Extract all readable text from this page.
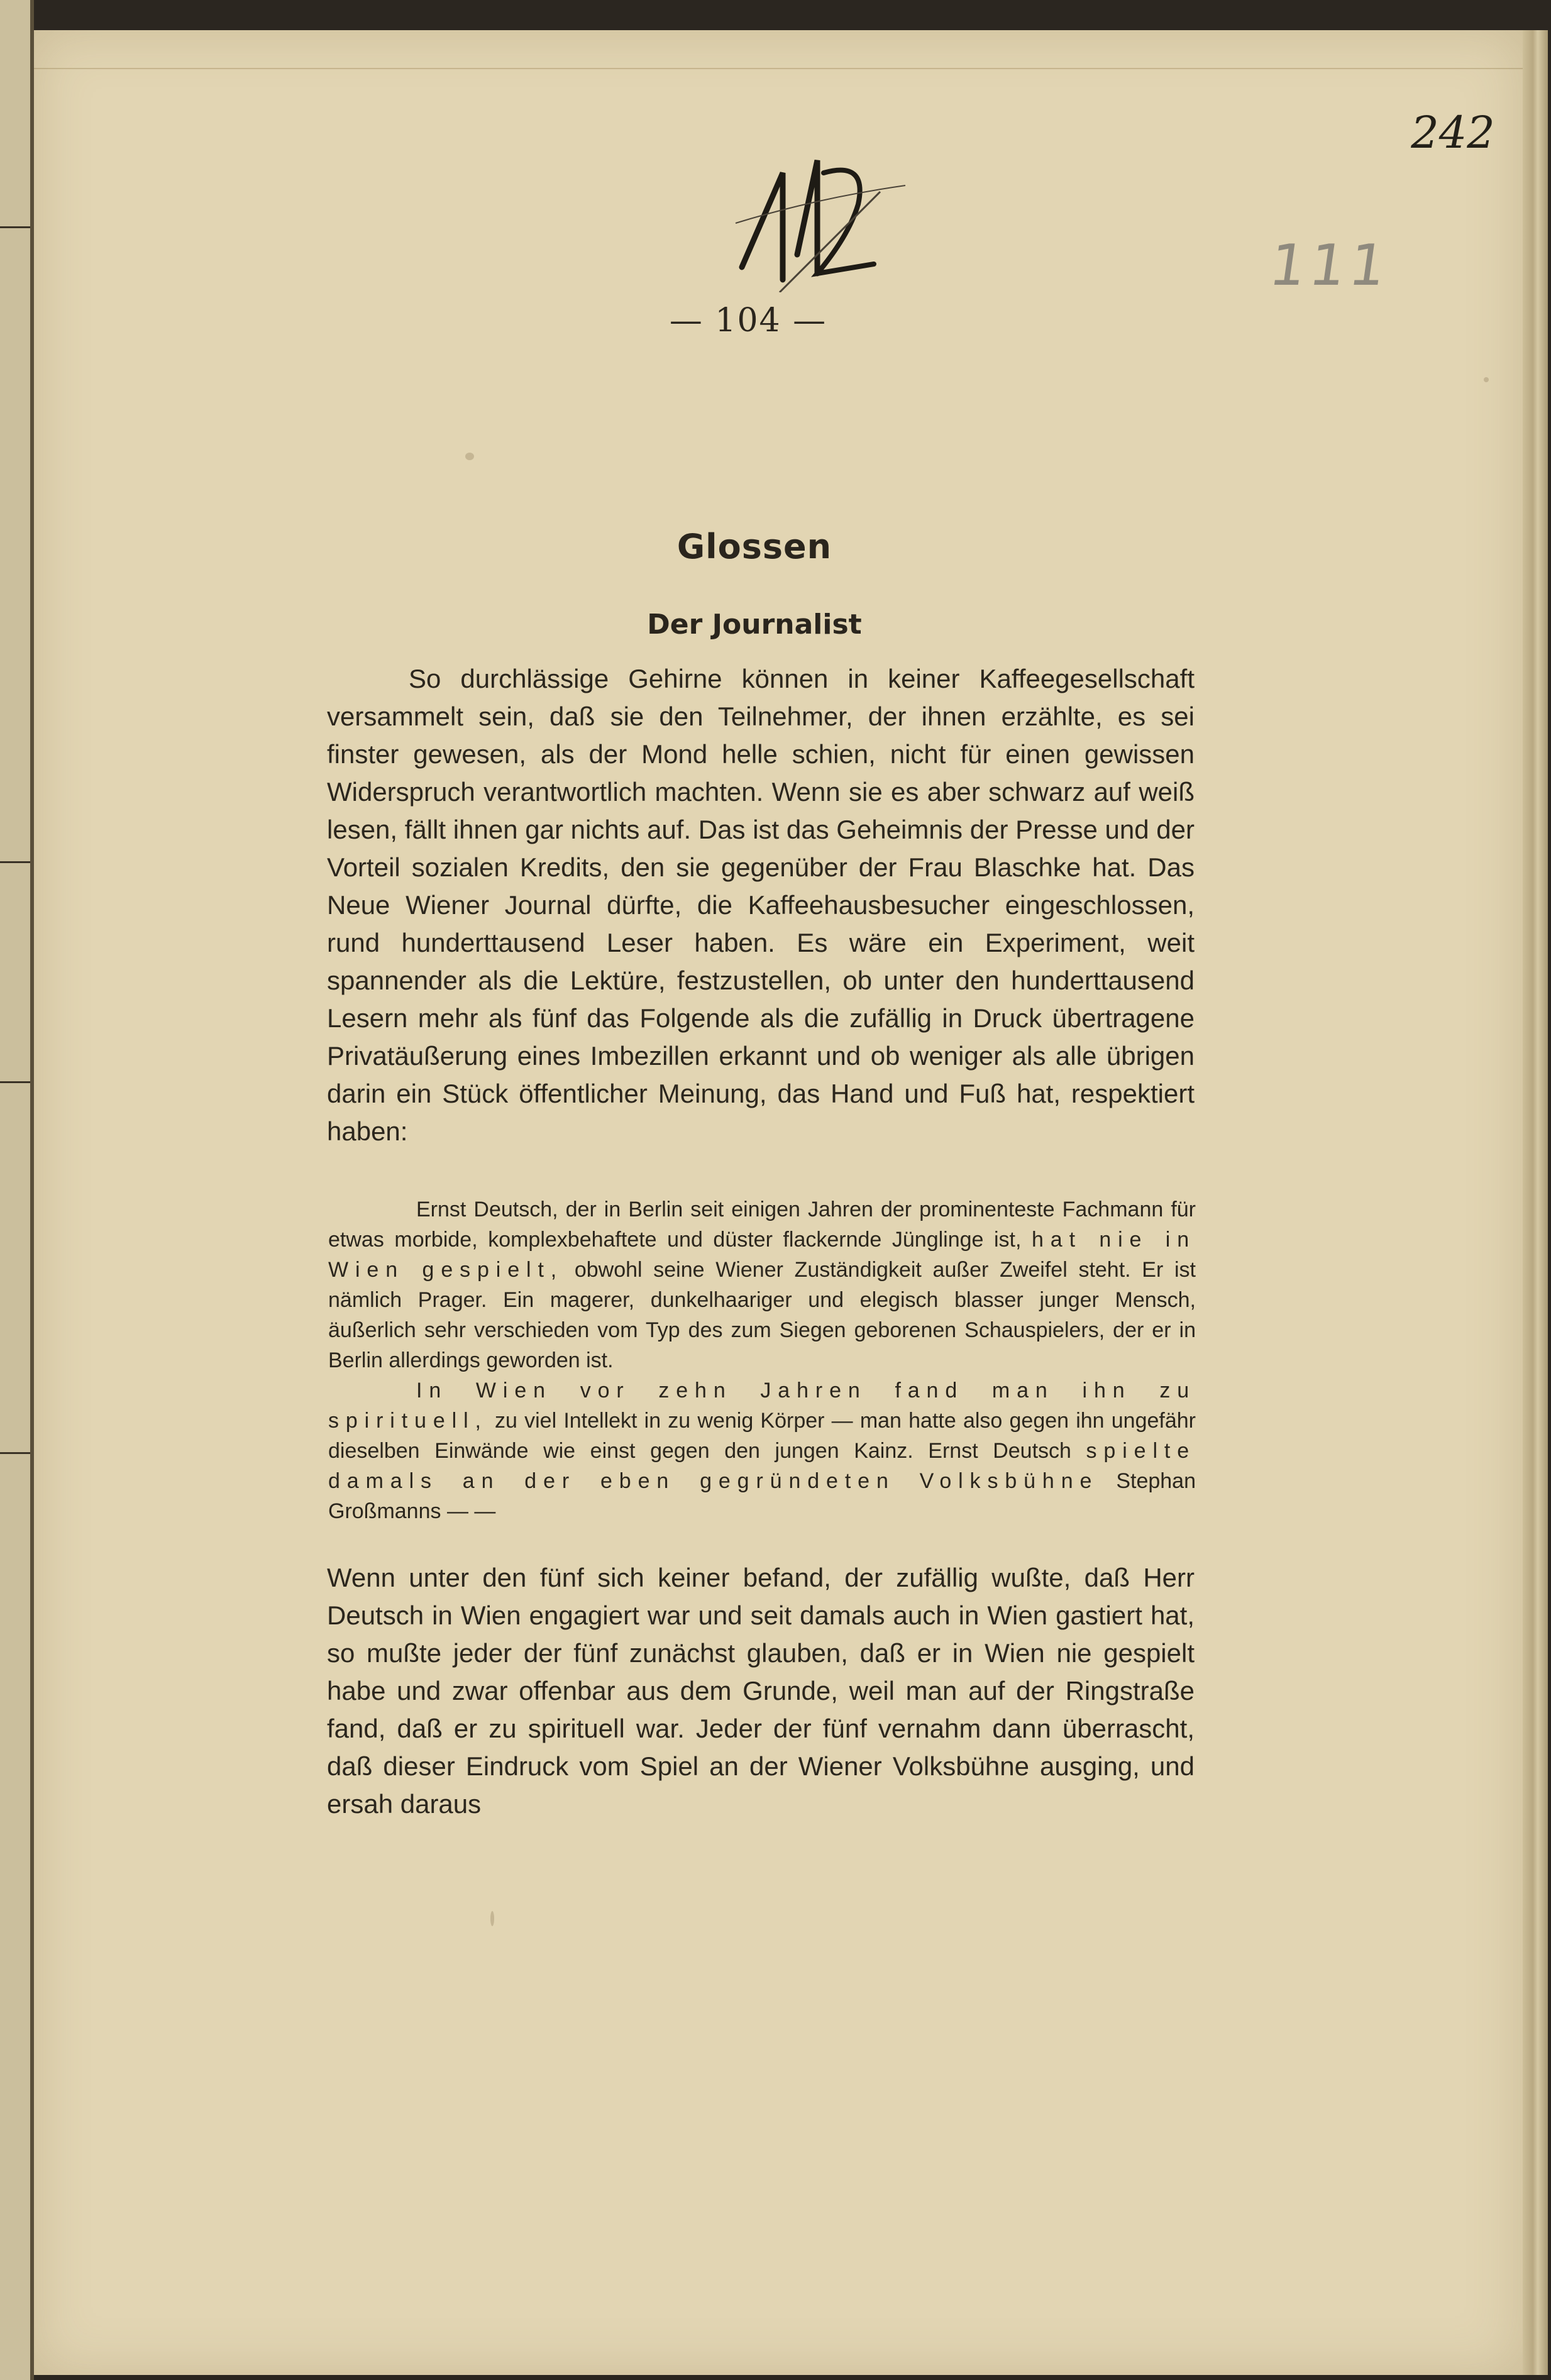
242
111
— 104 —
Glossen
Der Journalist

So durchlässige Gehirne können in keiner Kaffeegesellschaft versammelt sein, daß sie den Teilnehmer, der ihnen erzählte, es sei finster gewesen, als der Mond helle schien, nicht für einen gewissen Widerspruch verantwortlich machten. Wenn sie es aber schwarz auf weiß lesen, fällt ihnen gar nichts auf. Das ist das Geheimnis der Presse und der Vorteil sozialen Kredits, den sie gegenüber der Frau Blaschke hat. Das Neue Wiener Journal dürfte, die Kaffeehausbesucher eingeschlossen, rund hunderttausend Leser haben. Es wäre ein Experiment, weit spannender als die Lektüre, festzustellen, ob unter den hunderttausend Lesern mehr als fünf das Folgende als die zufällig in Druck übertragene Privatäußerung eines Imbezillen erkannt und ob weniger als alle übrigen darin ein Stück öffentlicher Meinung, das Hand und Fuß hat, respektiert haben:

Ernst Deutsch, der in Berlin seit einigen Jahren der prominenteste Fachmann für etwas morbide, komplexbehaftete und düster flackernde Jünglinge ist, hat nie in Wien gespielt, obwohl seine Wiener Zuständigkeit außer Zweifel steht. Er ist nämlich Prager. Ein magerer, dunkelhaariger und elegisch blasser junger Mensch, äußerlich sehr verschieden vom Typ des zum Siegen geborenen Schauspielers, der er in Berlin allerdings geworden ist.

In Wien vor zehn Jahren fand man ihn zu spirituell, zu viel Intellekt in zu wenig Körper — man hatte also gegen ihn ungefähr dieselben Einwände wie einst gegen den jungen Kainz. Ernst Deutsch spielte damals an der eben gegründeten Volksbühne Stephan Großmanns — —

Wenn unter den fünf sich keiner befand, der zufällig wußte, daß Herr Deutsch in Wien engagiert war und seit damals auch in Wien gastiert hat, so mußte jeder der fünf zunächst glauben, daß er in Wien nie gespielt habe und zwar offenbar aus dem Grunde, weil man auf der Ringstraße fand, daß er zu spirituell war. Jeder der fünf vernahm dann überrascht, daß dieser Eindruck vom Spiel an der Wiener Volksbühne ausging, und ersah daraus
